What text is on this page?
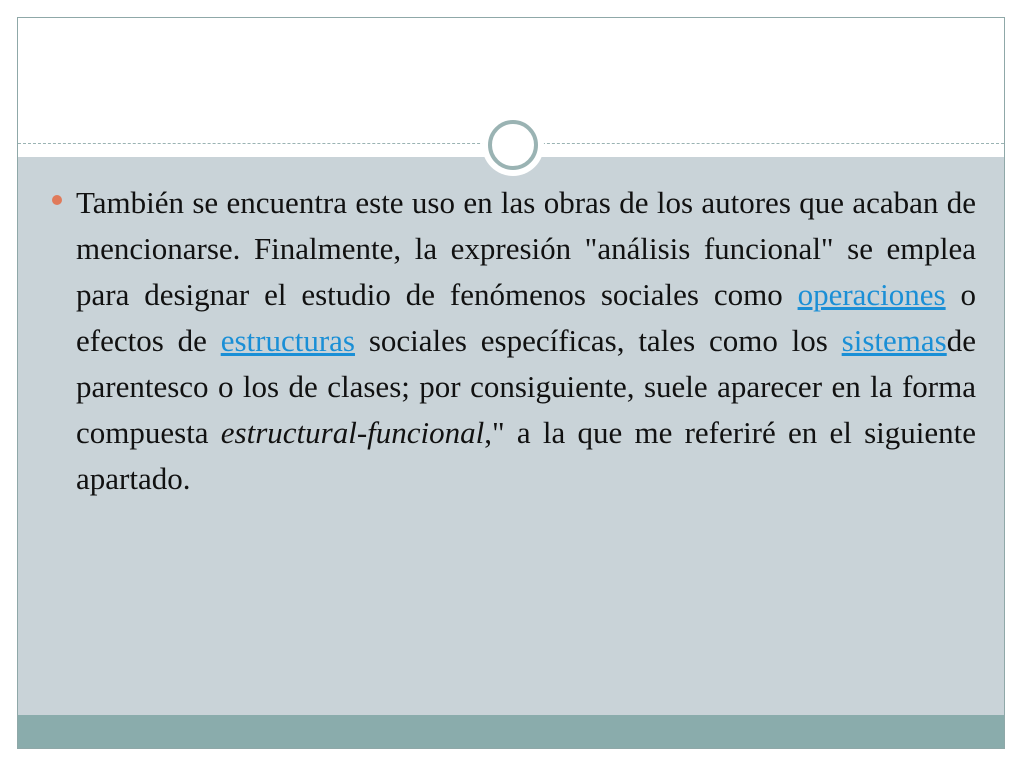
También se encuentra este uso en las obras de los autores que acaban de mencionarse. Finalmente, la expresión "análisis funcional" se emplea para designar el estudio de fenómenos sociales como operaciones o efectos de estructuras sociales específicas, tales como los sistemasde parentesco o los de clases; por consiguiente, suele aparecer en la forma compuesta estructural-funcional," a la que me referiré en el siguiente apartado.
